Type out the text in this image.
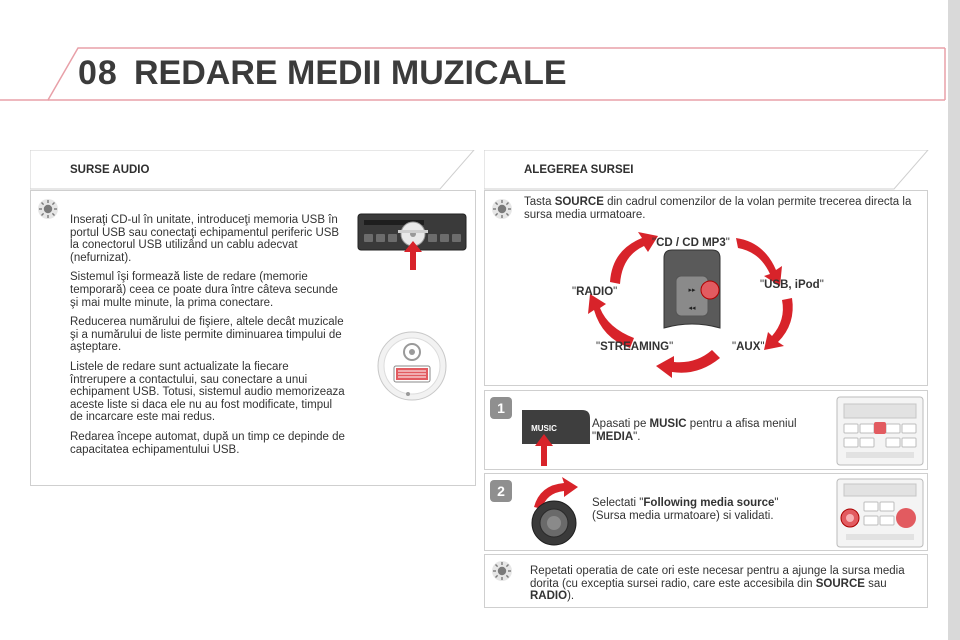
08 REDARE MEDII MUZICALE
SURSE AUDIO

Inseraţi CD-ul în unitate, introduceţi memoria USB în portul USB sau conectaţi echipamentul periferic USB la conectorul USB utilizând un cablu adecvat (nefurnizat).

Sistemul îşi formează liste de redare (memorie temporară) ceea ce poate dura între câteva secunde şi mai multe minute, la prima conectare.

Reducerea numărului de fişiere, altele decât muzicale şi a numărului de liste permite diminuarea timpului de aşteptare.

Listele de redare sunt actualizate la fiecare întrerupere a contactului, sau conectare a unui echipament USB. Totusi, sistemul audio memorizeaza aceste liste si daca ele nu au fost modificate, timpul de incarcare este mai redus.

Redarea începe automat, după un timp ce depinde de capacitatea echipamentului USB.

ALEGEREA SURSEI
Tasta SOURCE din cadrul comenzilor de la volan permite trecerea directa la sursa media urmatoare.
▸▸
◂◂
"CD / CD MP3"
"USB, iPod"
"AUX"
"STREAMING"
"RADIO"
1
MUSIC	Apasati pe MUSIC pentru a afisa meniul "MEDIA".
2
Selectati "Following media source"
(Sursa media urmatoare) si validati.
Repetati operatia de cate ori este necesar pentru a ajunge la sursa media dorita (cu exceptia sursei radio, care este accesibila din SOURCE sau RADIO).
